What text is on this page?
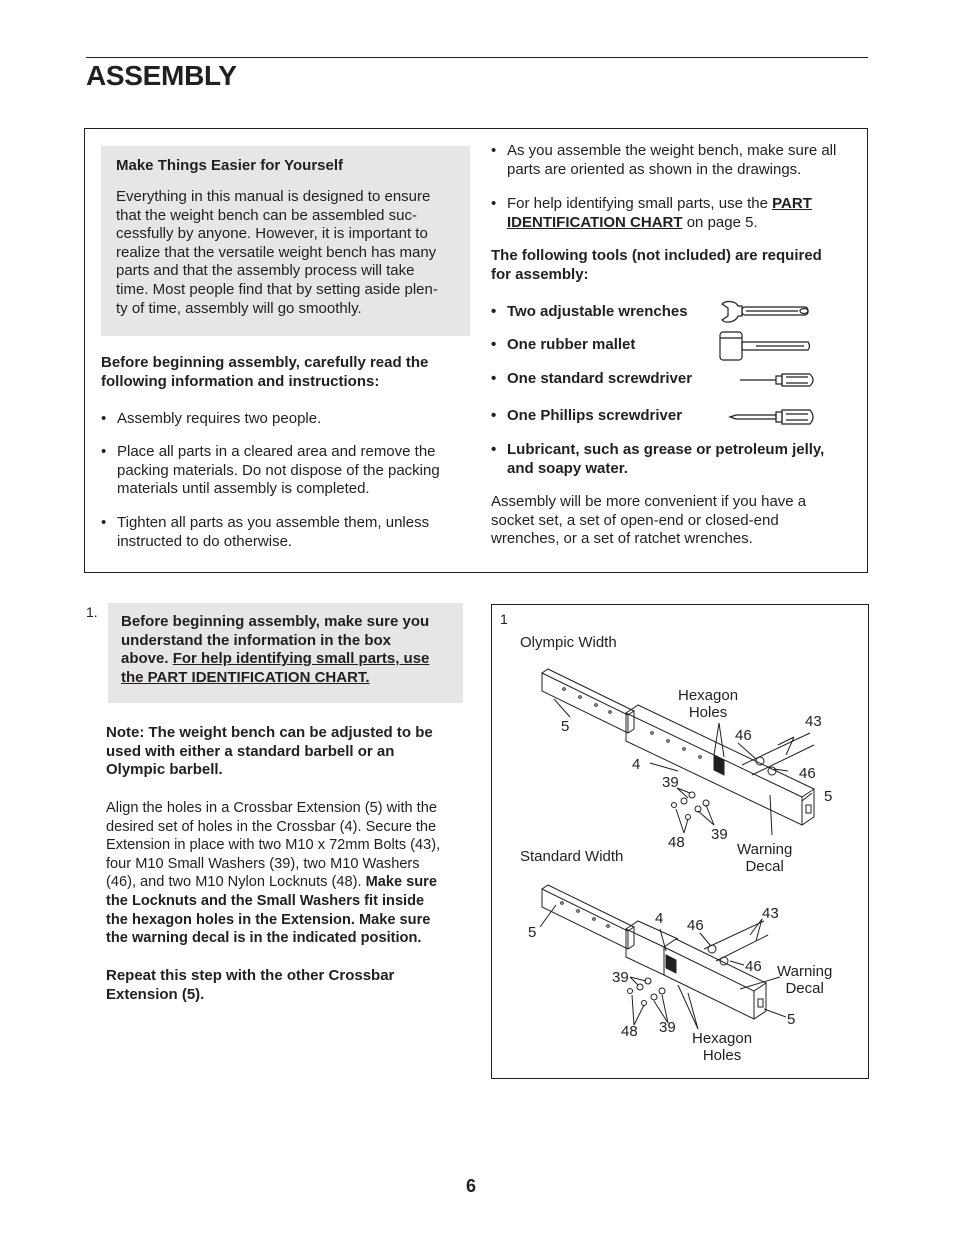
ASSEMBLY
Make Things Easier for Yourself
Everything in this manual is designed to ensure
that the weight bench can be assembled suc-
cessfully by anyone. However, it is important to
realize that the versatile weight bench has many
parts and that the assembly process will take
time. Most people find that by setting aside plen-
ty of time, assembly will go smoothly.
Before beginning assembly, carefully read the
following information and instructions:
• Assembly requires two people.
• Place all parts in a cleared area and remove the
packing materials. Do not dispose of the packing
materials until assembly is completed.
• Tighten all parts as you assemble them, unless
instructed to do otherwise.
• As you assemble the weight bench, make sure all
parts are oriented as shown in the drawings.
• For help identifying small parts, use the PART
IDENTIFICATION CHART on page 5.
The following tools (not included) are required
for assembly:
• Two adjustable wrenches
• One rubber mallet
• One standard screwdriver
• One Phillips screwdriver
• Lubricant, such as grease or petroleum jelly,
and soapy water.
Assembly will be more convenient if you have a
socket set, a set of open-end or closed-end
wrenches, or a set of ratchet wrenches.
1.
Before beginning assembly, make sure you
understand the information in the box
above. For help identifying small parts, use
the PART IDENTIFICATION CHART.
Note: The weight bench can be adjusted to be
used with either a standard barbell or an
Olympic barbell.
Align the holes in a Crossbar Extension (5) with the
desired set of holes in the Crossbar (4). Secure the
Extension in place with two M10 x 72mm Bolts (43),
four M10 Small Washers (39), two M10 Washers
(46), and two M10 Nylon Locknuts (48). Make sure
the Locknuts and the Small Washers fit inside
the hexagon holes in the Extension. Make sure
the warning decal is in the indicated position.
Repeat this step with the other Crossbar
Extension (5).
1
Olympic Width
Hexagon
Holes
5	43
46
4
46
39
5
39
48	Warning
Decal
Standard Width
43
4 46
5
46 Warning
Decal
39
5
39
48	Hexagon
Holes
6
